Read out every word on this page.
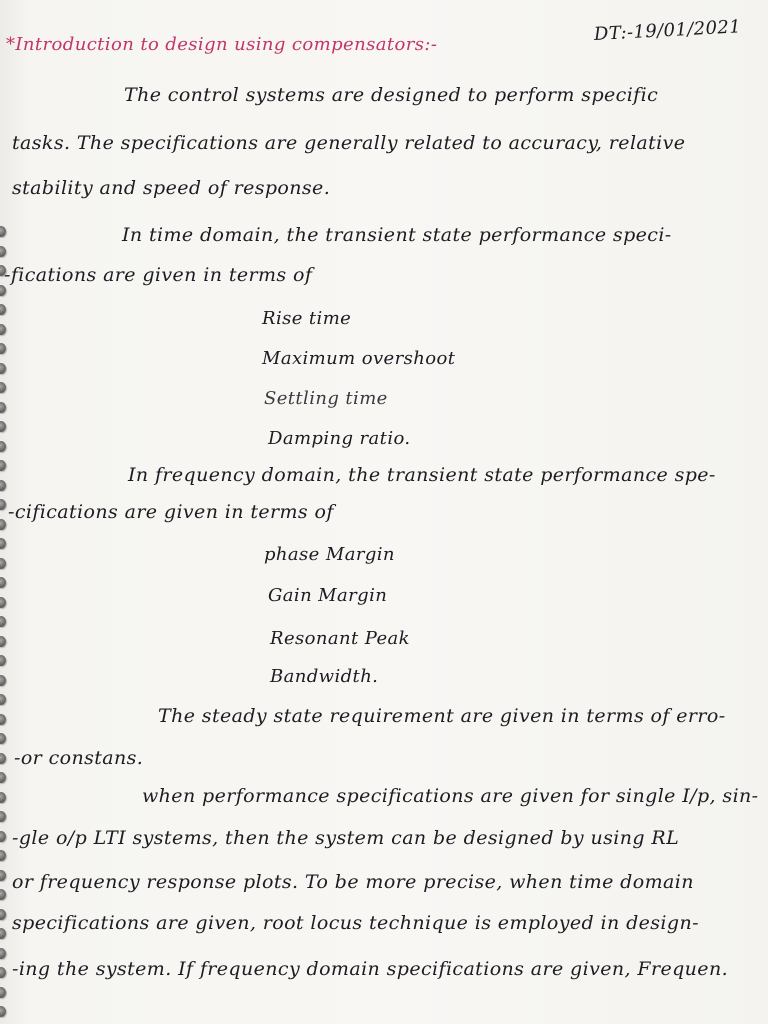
*Introduction to design using compensators:-	DT:-19/01/2021
The control systems are designed to perform specific
tasks. The specifications are generally related to accuracy, relative
stability and speed of response.
In time domain, the transient state performance speci-
-fications are given in terms of
Rise time
Maximum overshoot
Settling time
Damping ratio.
In frequency domain, the transient state performance spe-
-cifications are given in terms of
phase Margin
Gain Margin
Resonant Peak
Bandwidth.
The steady state requirement are given in terms of erro-
-or constans.
when performance specifications are given for single I/p, sin-
-gle o/p LTI systems, then the system can be designed by using RL
or frequency response plots. To be more precise, when time domain
specifications are given, root locus technique is employed in design-
-ing the system. If frequency domain specifications are given, Frequen.
